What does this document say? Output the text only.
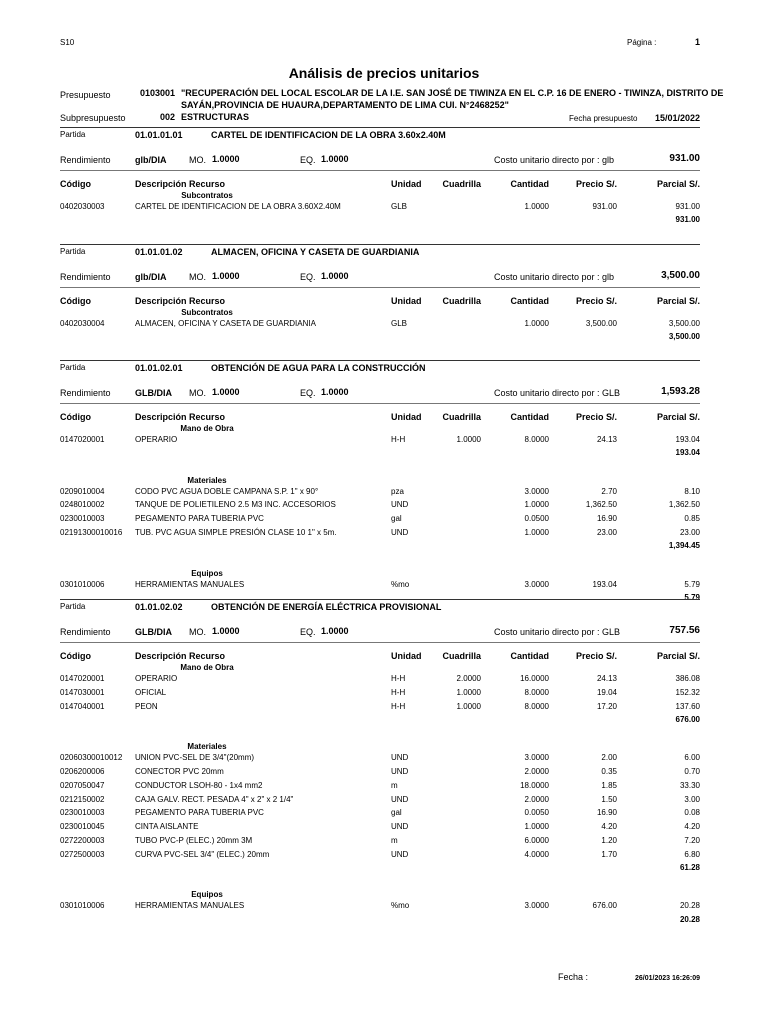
S10	Página :	1
Análisis de precios unitarios
Presupuesto	0103001 "RECUPERACIÓN DEL LOCAL ESCOLAR DE LA I.E. SAN JOSÉ DE TIWINZA EN EL C.P. 16 DE ENERO - TIWINZA, DISTRITO DE
SAYÁN,PROVINCIA DE HUAURA,DEPARTAMENTO DE LIMA CUI. N°2468252"
Subpresupuesto	002 ESTRUCTURAS	Fecha presupuesto	15/01/2022
Partida	01.01.01.01	CARTEL DE IDENTIFICACION DE LA OBRA 3.60x2.40M
Rendimiento	glb/DIA	MO. 1.0000	EQ. 1.0000	Costo unitario directo por : glb	931.00
Código	Descripción Recurso	Unidad Cuadrilla	Cantidad	Precio S/.	Parcial S/.
Subcontratos
0402030003	CARTEL DE IDENTIFICACION DE LA OBRA 3.60X2.40M	GLB	1.0000	931.00	931.00
931.00
Partida	01.01.01.02	ALMACEN, OFICINA Y CASETA DE GUARDIANIA
Rendimiento	glb/DIA	MO. 1.0000	EQ. 1.0000	Costo unitario directo por : glb	3,500.00
Código	Descripción Recurso	Unidad Cuadrilla	Cantidad	Precio S/.	Parcial S/.
Subcontratos
0402030004	ALMACEN, OFICINA Y CASETA DE GUARDIANIA	GLB	1.0000	3,500.00	3,500.00
3,500.00
Partida	01.01.02.01	OBTENCIÓN DE AGUA PARA LA CONSTRUCCIÓN
Rendimiento	GLB/DIA MO. 1.0000	EQ. 1.0000	Costo unitario directo por : GLB	1,593.28
Código	Descripción Recurso	Unidad Cuadrilla	Cantidad	Precio S/.	Parcial S/.
Mano de Obra
0147020001	OPERARIO	H-H	1.0000	8.0000	24.13	193.04
193.04
Materiales
0209010004	CODO PVC AGUA DOBLE CAMPANA S.P. 1" x 90°	pza	3.0000	2.70	8.10
0248010002	TANQUE DE POLIETILENO 2.5 M3 INC. ACCESORIOS	UND	1.0000	1,362.50	1,362.50
0230010003	PEGAMENTO PARA TUBERIA PVC	gal	0.0500	16.90	0.85
02191300010016 TUB. PVC AGUA SIMPLE PRESIÓN CLASE 10 1" x 5m.	UND	1.0000	23.00	23.00
1,394.45
Equipos
0301010006	HERRAMIENTAS MANUALES	%mo	3.0000	193.04	5.79
5.79
Partida	01.01.02.02	OBTENCIÓN DE ENERGÍA ELÉCTRICA PROVISIONAL
Rendimiento	GLB/DIA MO. 1.0000	EQ. 1.0000	Costo unitario directo por : GLB	757.56
Código	Descripción Recurso	Unidad Cuadrilla	Cantidad	Precio S/.	Parcial S/.
Mano de Obra
0147020001	OPERARIO	H-H	2.0000	16.0000	24.13	386.08
0147030001	OFICIAL	H-H	1.0000	8.0000	19.04	152.32
0147040001	PEON	H-H	1.0000	8.0000	17.20	137.60
676.00
Materiales
02060300010012 UNION PVC-SEL DE 3/4"(20mm)	UND	3.0000	2.00	6.00
0206200006	CONECTOR PVC 20mm	UND	2.0000	0.35	0.70
0207050047	CONDUCTOR LSOH-80 - 1x4 mm2	m	18.0000	1.85	33.30
0212150002	CAJA GALV. RECT. PESADA 4" x 2" x 2 1/4"	UND	2.0000	1.50	3.00
0230010003	PEGAMENTO PARA TUBERIA PVC	gal	0.0050	16.90	0.08
0230010045	CINTA AISLANTE	UND	1.0000	4.20	4.20
0272200003	TUBO PVC-P (ELEC.) 20mm 3M	m	6.0000	1.20	7.20
0272500003	CURVA PVC-SEL 3/4" (ELEC.) 20mm	UND	4.0000	1.70	6.80
61.28
Equipos
0301010006	HERRAMIENTAS MANUALES	%mo	3.0000	676.00	20.28
20.28
Fecha :	26/01/2023 16:26:09
